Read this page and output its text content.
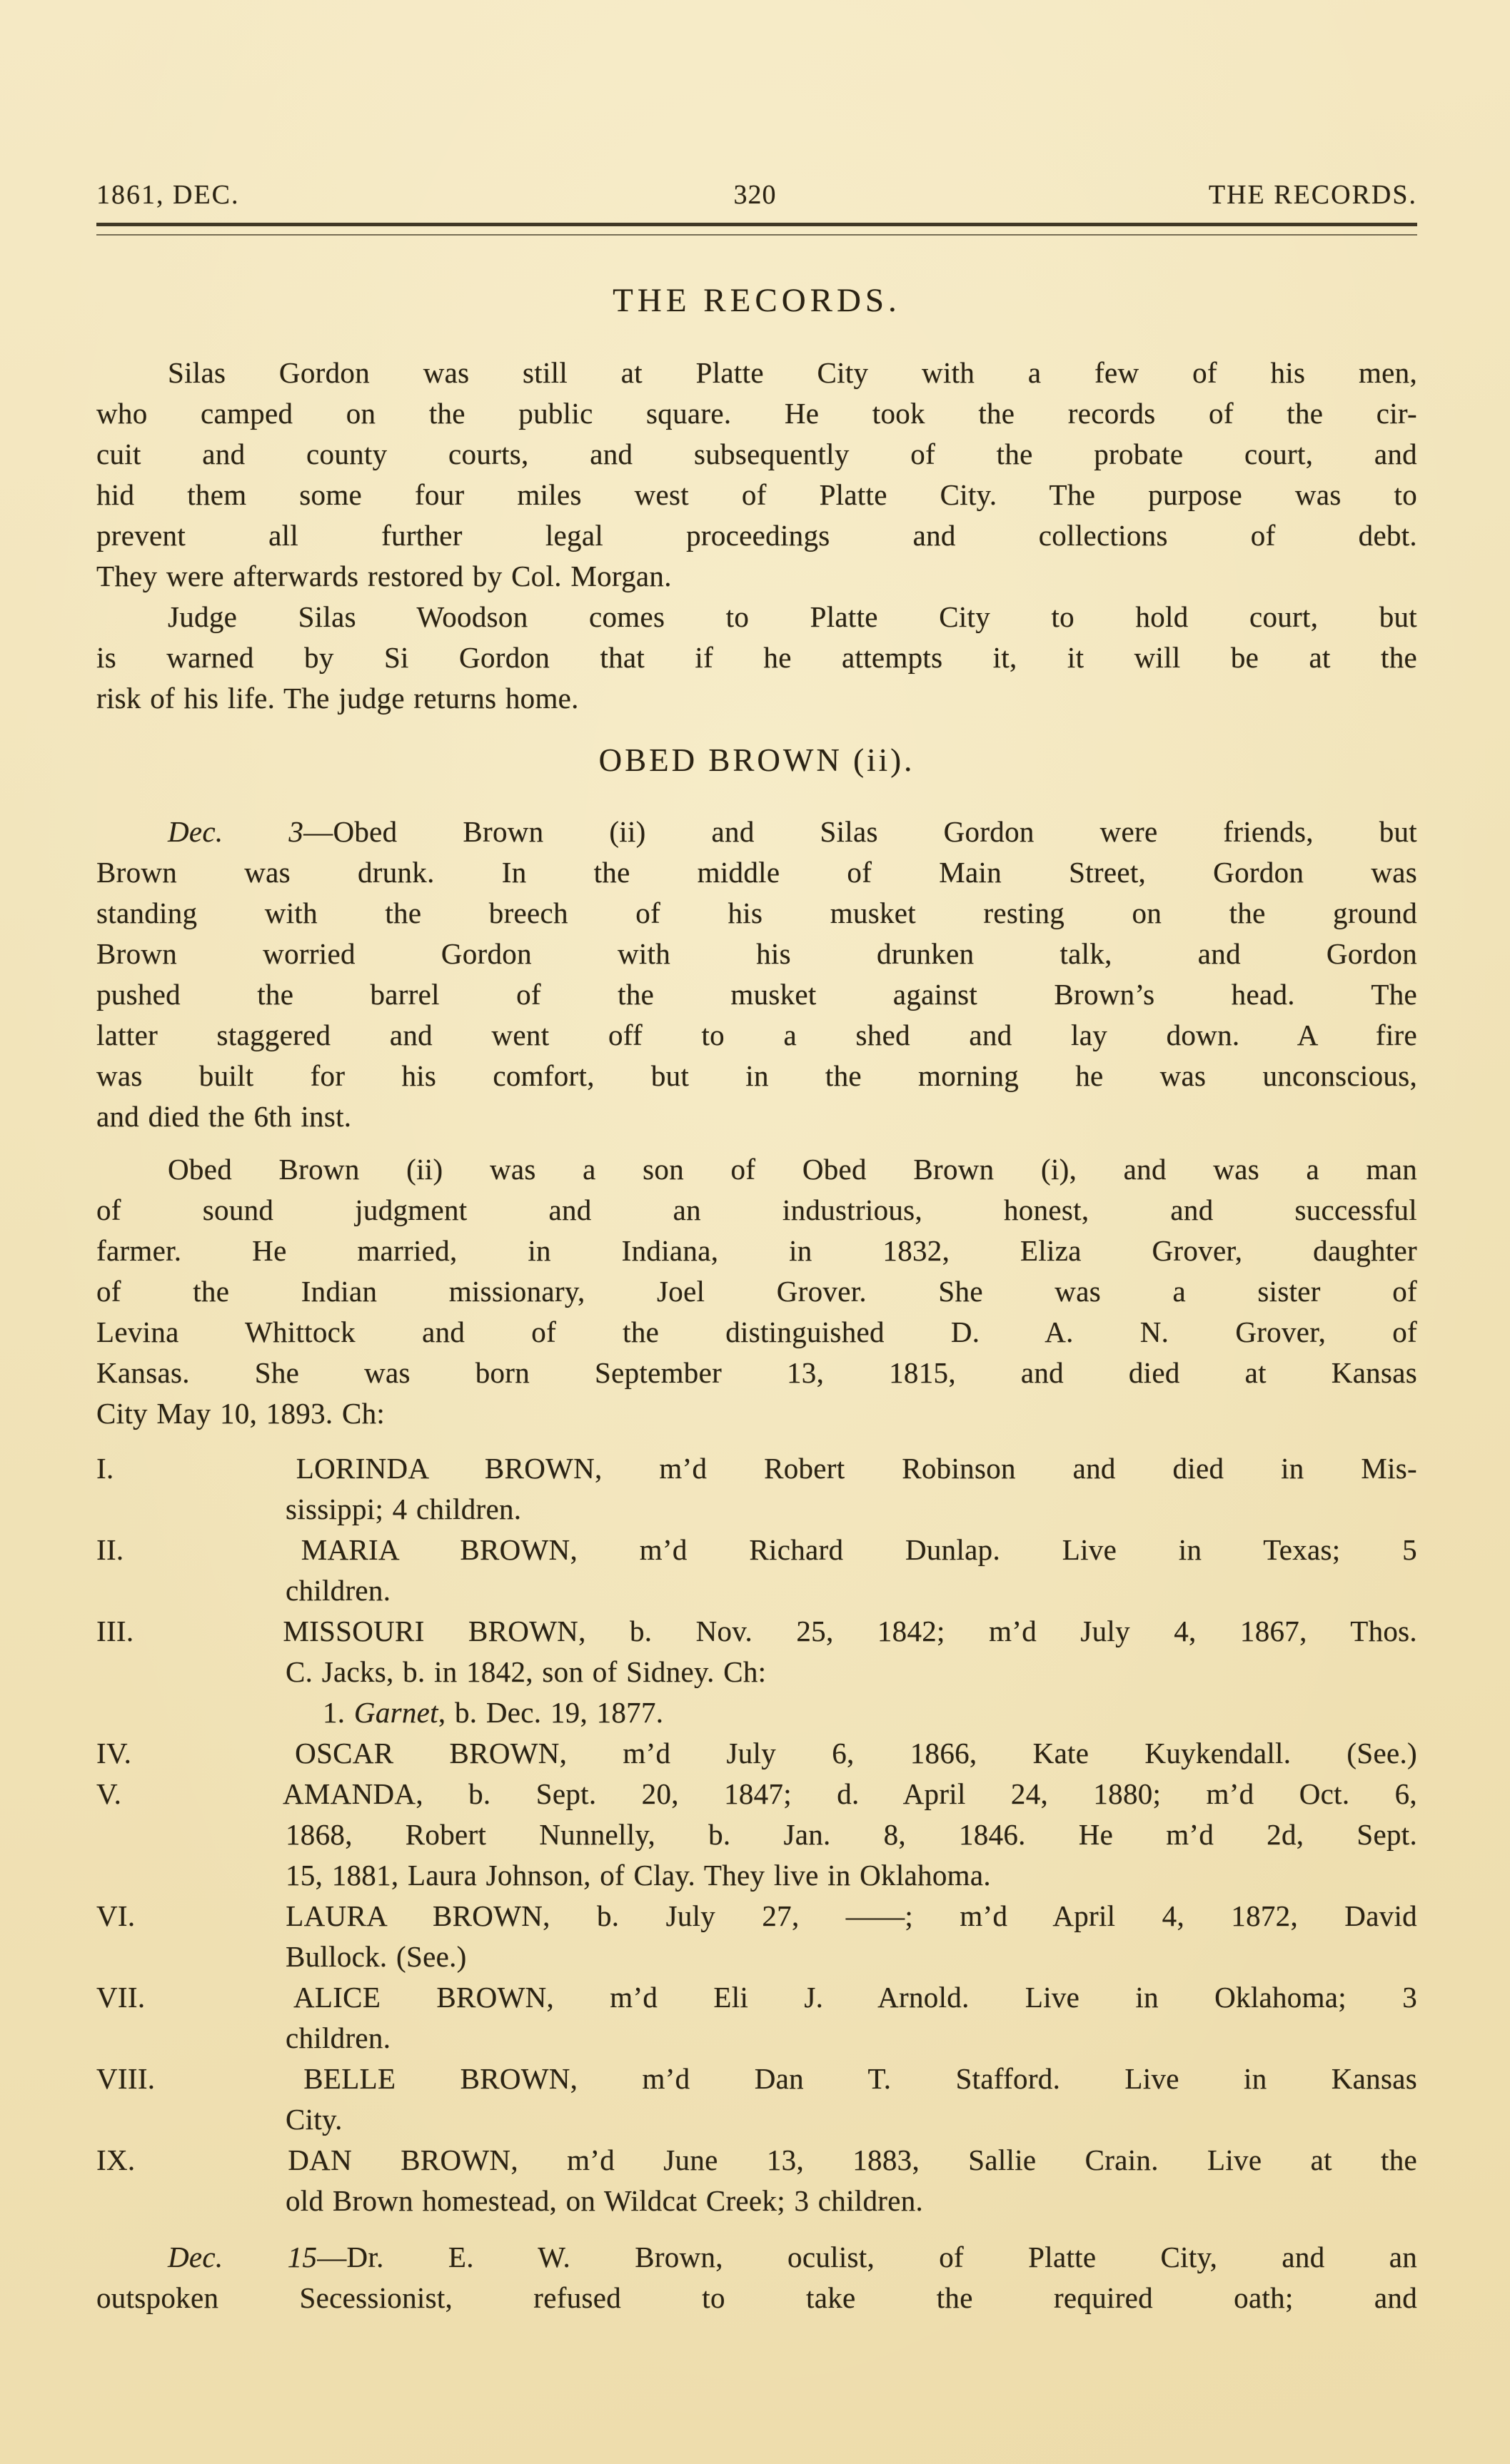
1861, DEC.	320	THE RECORDS.
THE RECORDS.
Silas Gordon was still at Platte City with a few of his men,
who camped on the public square. He took the records of the cir-
cuit and county courts, and subsequently of the probate court, and
hid them some four miles west of Platte City. The purpose was to
prevent all further legal proceedings and collections of debt.
They were afterwards restored by Col. Morgan.
Judge Silas Woodson comes to Platte City to hold court, but
is warned by Si Gordon that if he attempts it, it will be at the
risk of his life. The judge returns home.
OBED BROWN (ii).
Dec. 3—Obed Brown (ii) and Silas Gordon were friends, but
Brown was drunk. In the middle of Main Street, Gordon was
standing with the breech of his musket resting on the ground
Brown worried Gordon with his drunken talk, and Gordon
pushed the barrel of the musket against Brown’s head. The
latter staggered and went off to a shed and lay down. A fire
was built for his comfort, but in the morning he was unconscious,
and died the 6th inst.
Obed Brown (ii) was a son of Obed Brown (i), and was a man
of sound judgment and an industrious, honest, and successful
farmer. He married, in Indiana, in 1832, Eliza Grover, daughter
of the Indian missionary, Joel Grover. She was a sister of
Levina Whittock and of the distinguished D. A. N. Grover, of
Kansas. She was born September 13, 1815, and died at Kansas
City May 10, 1893. Ch:
I.	LORINDA BROWN, m’d Robert Robinson and died in Mis-
sissippi; 4 children.
II.	MARIA BROWN, m’d Richard Dunlap. Live in Texas; 5
children.
III.	MISSOURI BROWN, b. Nov. 25, 1842; m’d July 4, 1867, Thos.
C. Jacks, b. in 1842, son of Sidney. Ch:
1. Garnet, b. Dec. 19, 1877.
IV.	OSCAR BROWN, m’d July 6, 1866, Kate Kuykendall. (See.)
V.	AMANDA, b. Sept. 20, 1847; d. April 24, 1880; m’d Oct. 6,
1868, Robert Nunnelly, b. Jan. 8, 1846. He m’d 2d, Sept.
15, 1881, Laura Johnson, of Clay. They live in Oklahoma.
VI.	LAURA BROWN, b. July 27, ——; m’d April 4, 1872, David
Bullock. (See.)
VII.	ALICE BROWN, m’d Eli J. Arnold. Live in Oklahoma; 3
children.
VIII.	BELLE BROWN, m’d Dan T. Stafford. Live in Kansas
City.
IX.	DAN BROWN, m’d June 13, 1883, Sallie Crain. Live at the
old Brown homestead, on Wildcat Creek; 3 children.
Dec. 15—Dr. E. W. Brown, oculist, of Platte City, and an
outspoken Secessionist, refused to take the required oath; and
